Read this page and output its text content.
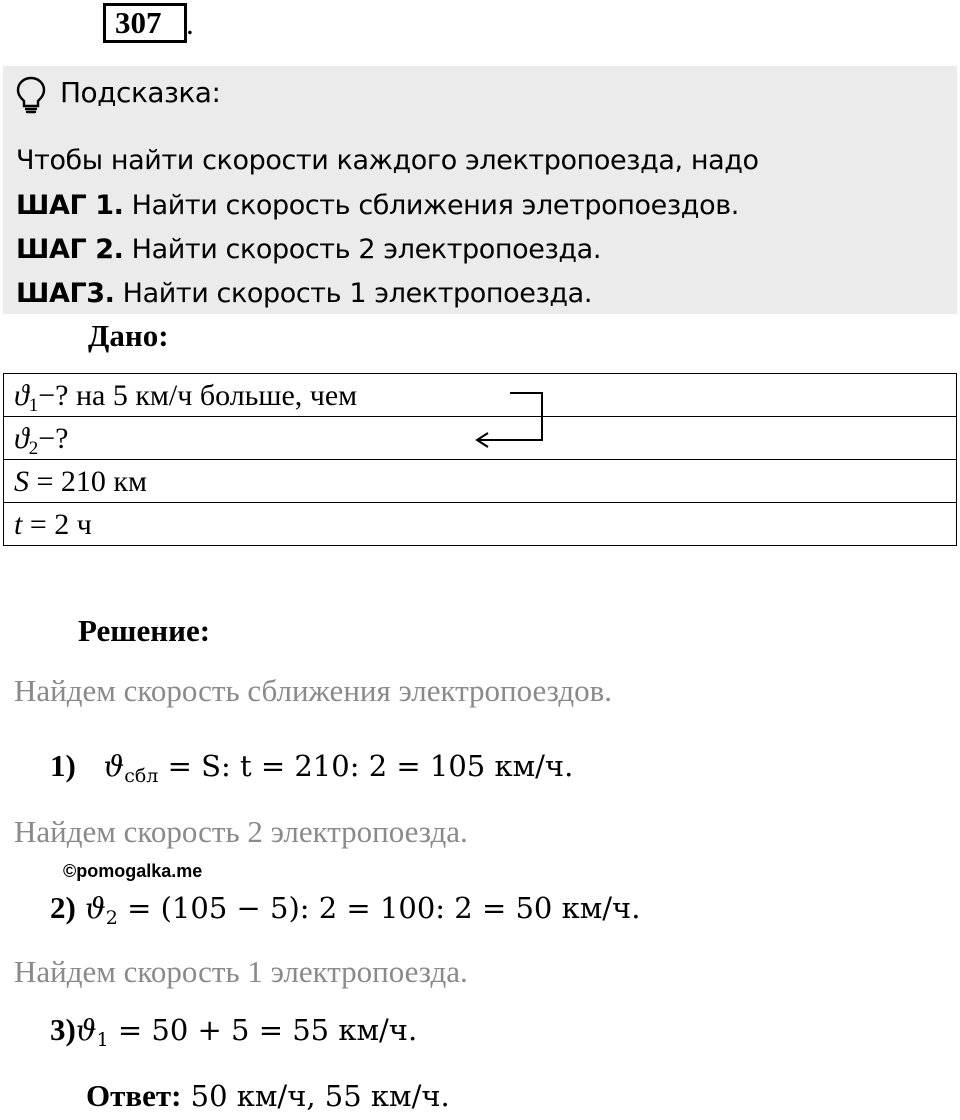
307 .
Подсказка:
Чтобы найти скорости каждого электропоезда, надо
ШАГ 1. Найти скорость сближения элетропоездов.
ШАГ 2. Найти скорость 2 электропоезда.
ШАГ3. Найти скорость 1 электропоезда.
Дано:
$ϑ_1-$? на 5 км/ч больше, чем
$ϑ_2-$?
S = 210 км
t = 2 ч
Решение:
Найдем скорость сближения электропоездов.
1) $ϑ_{сбл} = S$: t = 210: 2 = 105 км/ч.
Найдем скорость 2 электропоезда.
©pomogalka.me
2) $ϑ_2 = (105 - 5)$: 2 = 100: 2 = 50 км/ч.
Найдем скорость 1 электропоезда.
$3)ϑ_1 = 50 + 5 = 55$ км/ч.
Ответ: 50 км/ч, 55 км/ч.
